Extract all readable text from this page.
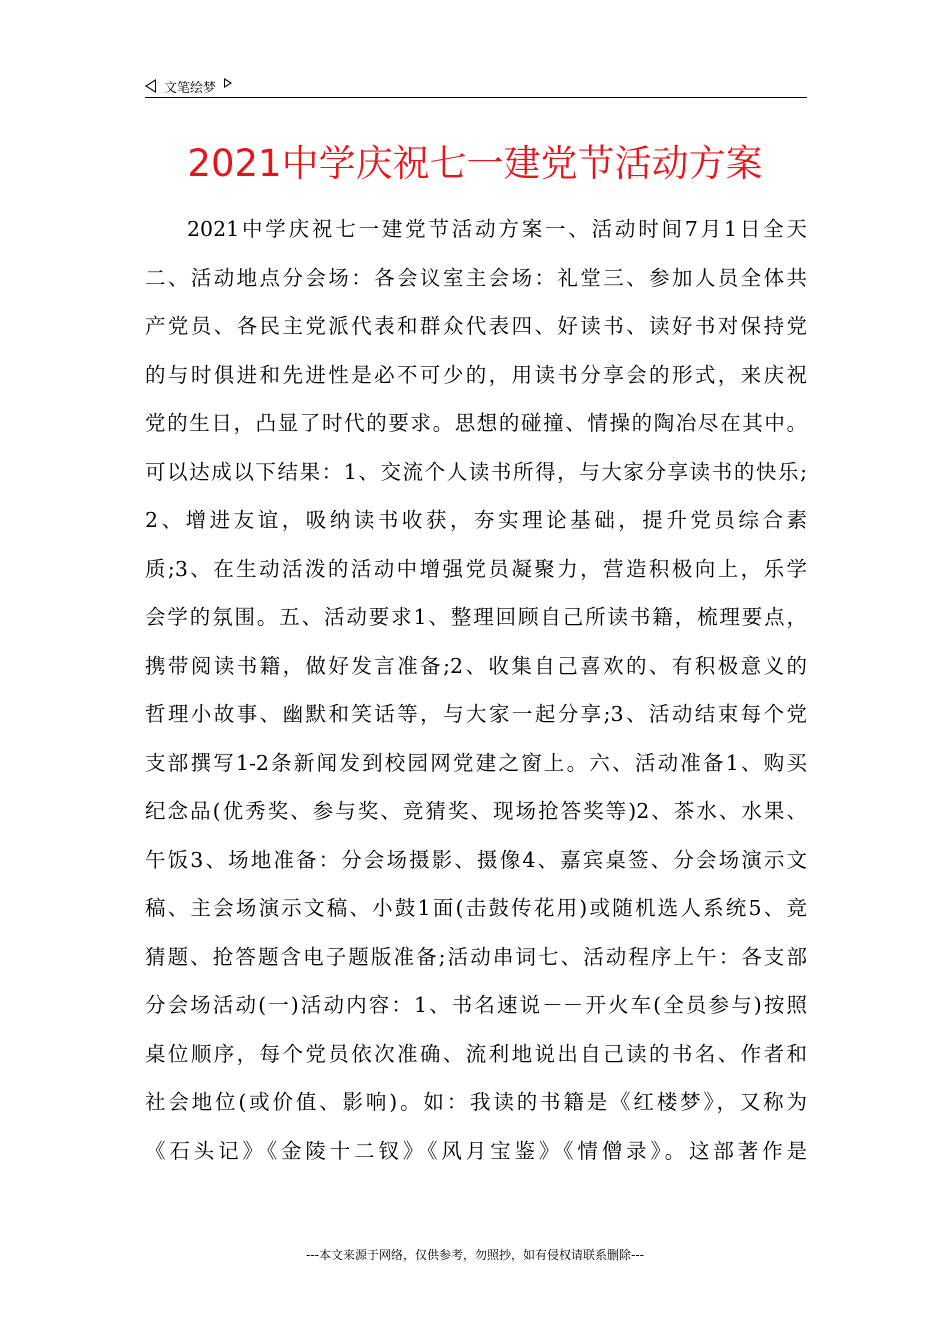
文笔绘梦
2021中学庆祝七一建党节活动方案
2021中学庆祝七一建党节活动方案一、活动时间7月1日全天
二、活动地点分会场：各会议室主会场：礼堂三、参加人员全体共
产党员、各民主党派代表和群众代表四、好读书、读好书对保持党
的与时俱进和先进性是必不可少的，用读书分享会的形式，来庆祝
党的生日，凸显了时代的要求。思想的碰撞、情操的陶冶尽在其中。
可以达成以下结果：1、交流个人读书所得，与大家分享读书的快乐;
2、增进友谊，吸纳读书收获，夯实理论基础，提升党员综合素
质;3、在生动活泼的活动中增强党员凝聚力，营造积极向上，乐学
会学的氛围。五、活动要求1、整理回顾自己所读书籍，梳理要点，
携带阅读书籍，做好发言准备;2、收集自己喜欢的、有积极意义的
哲理小故事、幽默和笑话等，与大家一起分享;3、活动结束每个党
支部撰写1-2条新闻发到校园网党建之窗上。六、活动准备1、购买
纪念品(优秀奖、参与奖、竞猜奖、现场抢答奖等)2、茶水、水果、
午饭3、场地准备：分会场摄影、摄像4、嘉宾桌签、分会场演示文
稿、主会场演示文稿、小鼓1面(击鼓传花用)或随机选人系统5、竞
猜题、抢答题含电子题版准备;活动串词七、活动程序上午：各支部
分会场活动(一)活动内容：1、书名速说－－开火车(全员参与)按照
桌位顺序，每个党员依次准确、流利地说出自己读的书名、作者和
社会地位(或价值、影响)。如：我读的书籍是《红楼梦》，又称为
《石头记》《金陵十二钗》《风月宝鉴》《情僧录》。这部著作是
---本文来源于网络，仅供参考，勿照抄，如有侵权请联系删除---
